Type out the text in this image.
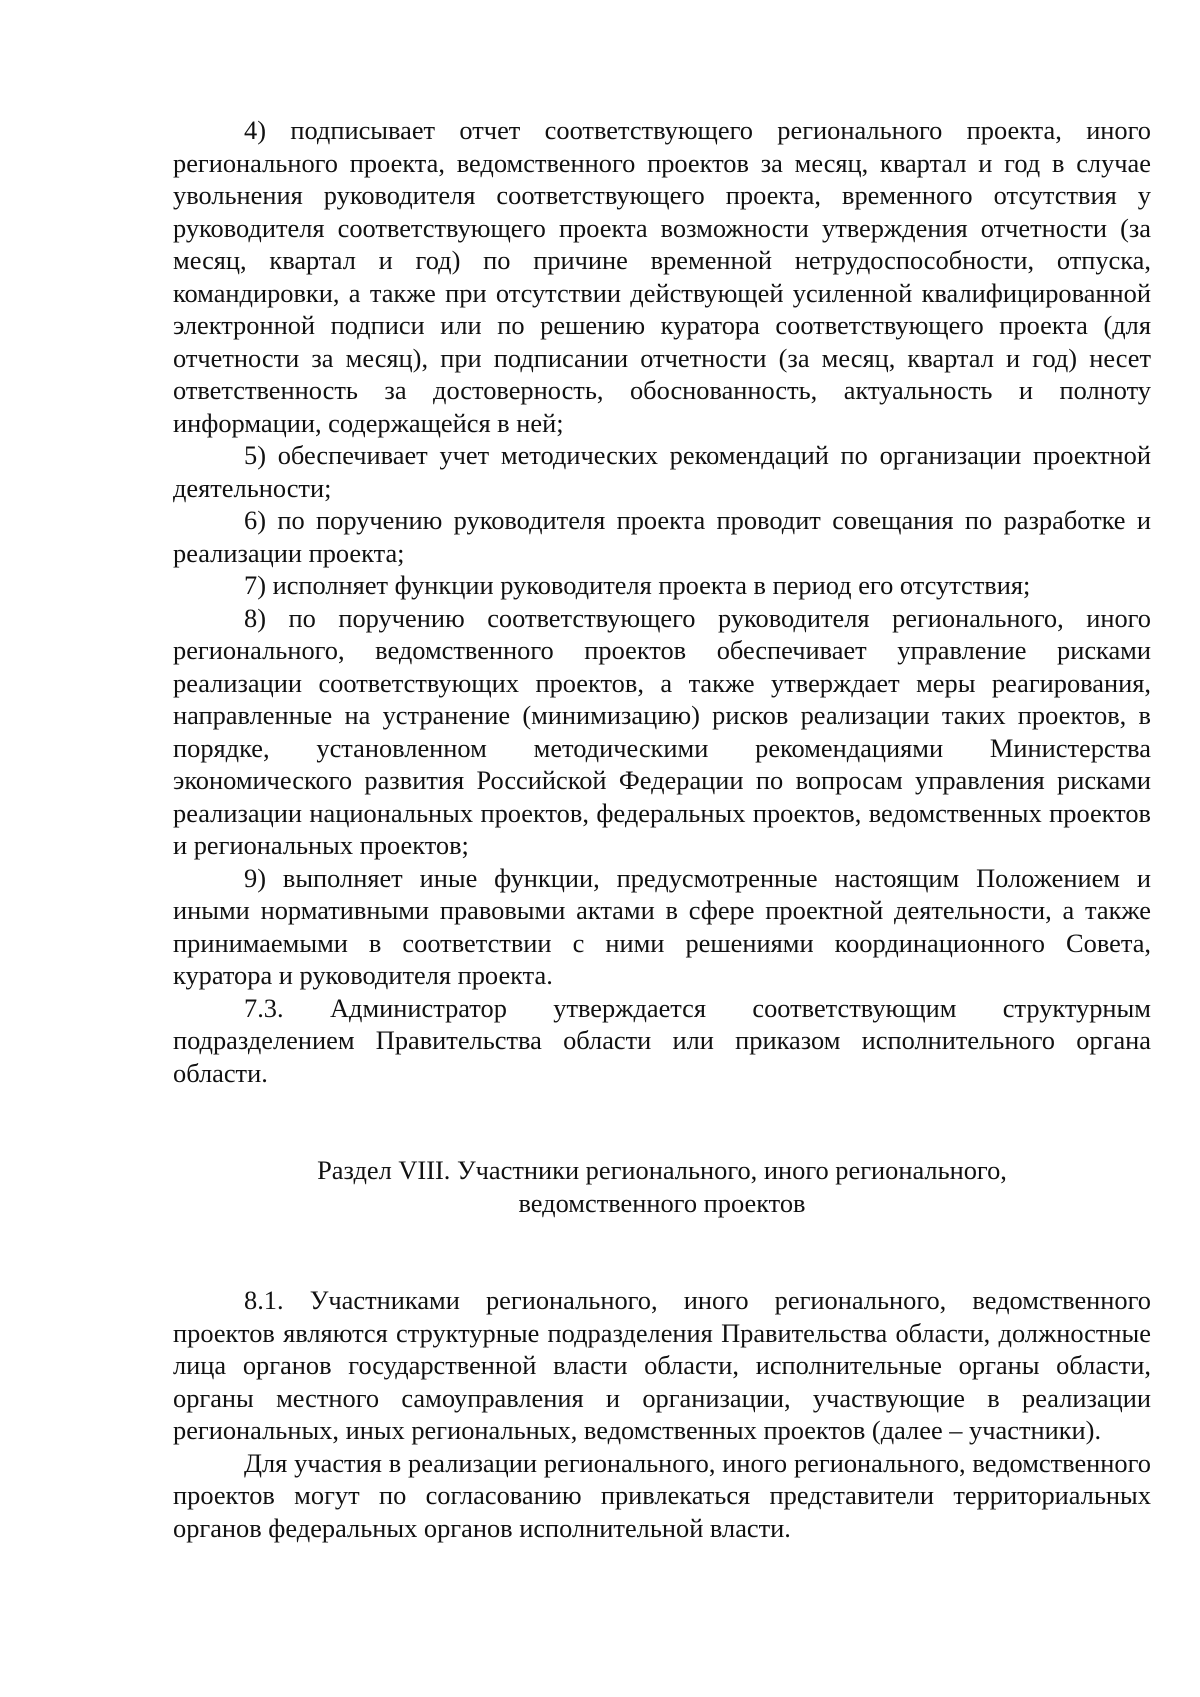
4) подписывает отчет соответствующего регионального проекта, иного регионального проекта, ведомственного проектов за месяц, квартал и год в случае увольнения руководителя соответствующего проекта, временного отсутствия у руководителя соответствующего проекта возможности утверждения отчетности (за месяц, квартал и год) по причине временной нетрудоспособности, отпуска, командировки, а также при отсутствии действующей усиленной квалифицированной электронной подписи или по решению куратора соответствующего проекта (для отчетности за месяц), при подписании отчетности (за месяц, квартал и год) несет ответственность за достоверность, обоснованность, актуальность и полноту информации, содержащейся в ней;

5) обеспечивает учет методических рекомендаций по организации проектной деятельности;

6) по поручению руководителя проекта проводит совещания по разработке и реализации проекта;

7) исполняет функции руководителя проекта в период его отсутствия;

8) по поручению соответствующего руководителя регионального, иного регионального, ведомственного проектов обеспечивает управление рисками реализации соответствующих проектов, а также утверждает меры реагирования, направленные на устранение (минимизацию) рисков реализации таких проектов, в порядке, установленном методическими рекомендациями Министерства экономического развития Российской Федерации по вопросам управления рисками реализации национальных проектов, федеральных проектов, ведомственных проектов и региональных проектов;

9) выполняет иные функции, предусмотренные настоящим Положением и иными нормативными правовыми актами в сфере проектной деятельности, а также принимаемыми в соответствии с ними решениями координационного Совета, куратора и руководителя проекта.

7.3. Администратор утверждается соответствующим структурным подразделением Правительства области или приказом исполнительного органа области.

Раздел VIII. Участники регионального, иного регионального,
ведомственного проектов

8.1. Участниками регионального, иного регионального, ведомственного проектов являются структурные подразделения Правительства области, должностные лица органов государственной власти области, исполнительные органы области, органы местного самоуправления и организации, участвующие в реализации региональных, иных региональных, ведомственных проектов (далее – участники).

Для участия в реализации регионального, иного регионального, ведомственного проектов могут по согласованию привлекаться представители территориальных органов федеральных органов исполнительной власти.
